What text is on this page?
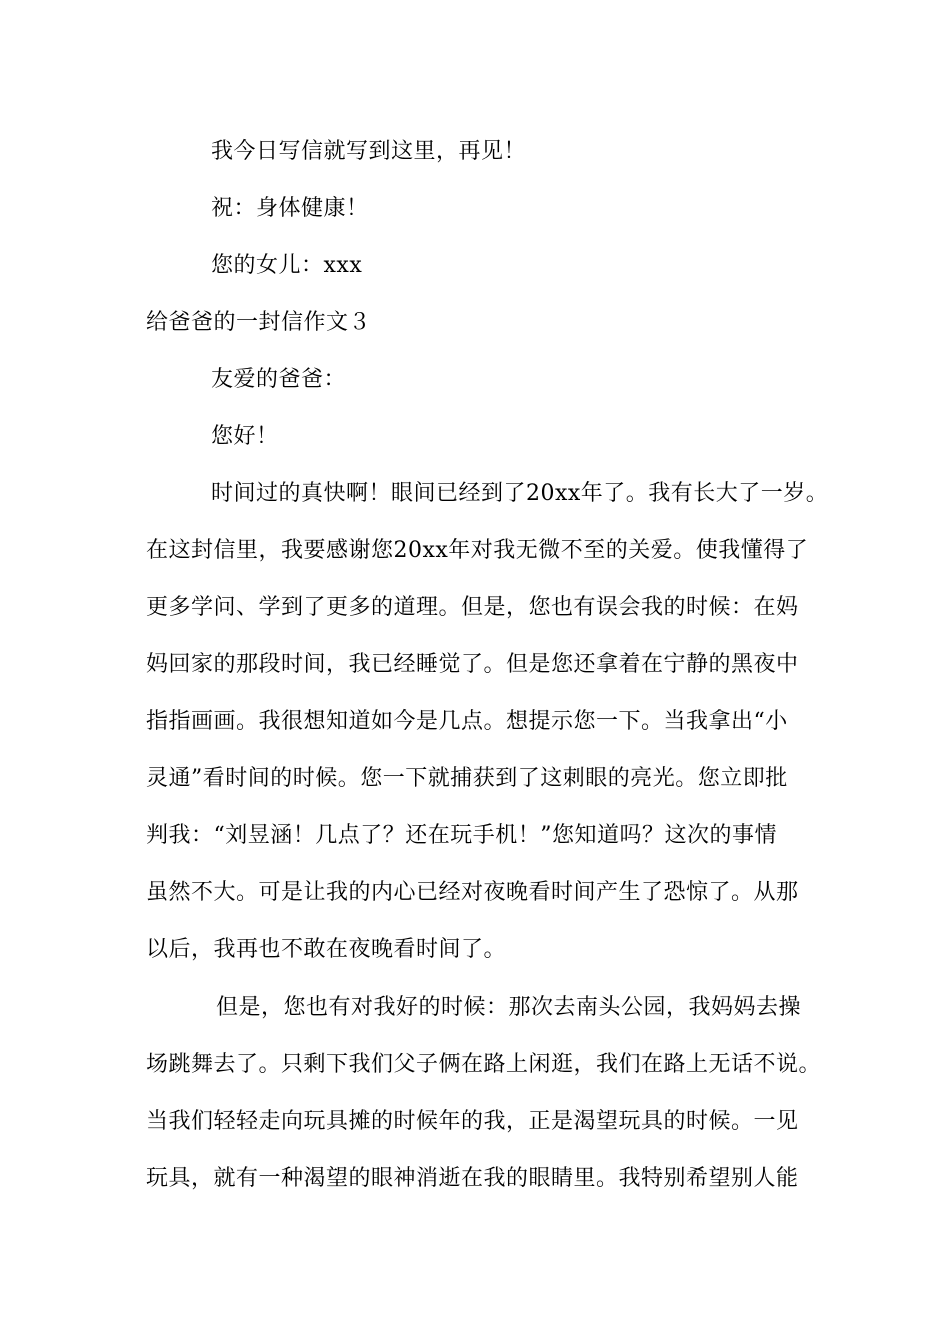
我今日写信就写到这里，再见！
祝：身体健康！
您的女儿：xxx
给爸爸的一封信作文３
友爱的爸爸：
您好！
时间过的真快啊！眼间已经到了20xx年了。我有长大了一岁。
在这封信里，我要感谢您20xx年对我无微不至的关爱。使我懂得了
更多学问、学到了更多的道理。但是，您也有误会我的时候：在妈
妈回家的那段时间，我已经睡觉了。但是您还拿着在宁静的黑夜中
指指画画。我很想知道如今是几点。想提示您一下。当我拿出“小
灵通”看时间的时候。您一下就捕获到了这刺眼的亮光。您立即批
判我：“刘昱涵！几点了？还在玩手机！”您知道吗？这次的事情
虽然不大。可是让我的内心已经对夜晚看时间产生了恐惊了。从那
以后，我再也不敢在夜晚看时间了。
但是，您也有对我好的时候：那次去南头公园，我妈妈去操
场跳舞去了。只剩下我们父子俩在路上闲逛，我们在路上无话不说。
当我们轻轻走向玩具摊的时候年的我，正是渴望玩具的时候。一见
玩具，就有一种渴望的眼神消逝在我的眼睛里。我特别希望别人能
